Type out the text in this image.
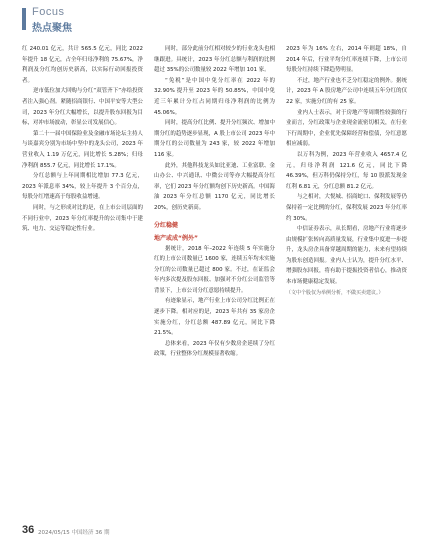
Focus
热点聚焦

红 240.01 亿元，共计 565.5 亿元，同比 2022 年提升 18 亿元，占全年归母净利的 75.67%，净利润及分红均创历史新高，以实际行动回报投资者。

逆市低位加大回购与分红“双管齐下”亦给投资者注入强心剂。紧随招商银行、中国平安等大型公司，2023 年分红大幅增长，以提升股东回报为目标，对冲市场波动，彰显公司发展信心。

第二十一届中国保险业及金融市场论坛主持人与谈嘉宾分别为市场中坚中的龙头公司，2023 年营业收入 1.19 万亿元，同比增长 5.28%；归母净利润 855.7 亿元，同比增长 17.1%。

分红总额与上年同期相比增加 77.3 亿元，2023 年派息率 34%，较上年提升 3 个百分点，每股分红增速高于每股收益增速。

同时，与之形成对比的是，在上市公司层面的不同行业中，2023 年分红率提升的公司集中于建筑、电力、交运等稳定性行业。

同时，部分此前分红相对较少的行业龙头也相继跟进。具统计，2023 年分红总额与利润的比例超过 35%的公司数量较 2022 年增加 101 家。

“免税”是中国中免分红率在 2022 年的 32.90% 提升至 2023 年的 50.85%，中国中免近三年累计分红占同期归母净利润的比例为 45.06%。

同时，提高分红比例、提升分红频次、增加中期分红的趋势逐步显现，A 股上市公司 2023 年中期分红的公司数量为 243 家，较 2022 年增加 116 家。

此外，其他科技龙头如比亚迪、工业富联、金山办公、中兴通讯、中微公司等亦大幅提高分红率，它们 2023 年分红额均创下历史新高。中国海油 2023 年分红总额 1170 亿元，同比增长 20%，创历史新高。

分红稳健
地产或成“例外”

据统计，2018 年–2022 年连续 5 年实施分红的上市公司数量已 1600 家，连续五年均未实施分红的公司数量已超过 800 家。不过，在证监会年内多次提及股东回报、加强对不分红公司监管等背景下，上市公司分红意愿持续提升。

有迹象显示，地产行业上市公司分红比例正在逐步下降。相对应的是，2023 年共有 35 家房企实施分红，分红总额 487.89 亿元，同比下降 21.5%。

总体来看，2023 年仅有少数房企延续了分红政策，行业整体分红规模显著收缩。

2023 年为 16% 左右，2014 年则超 18%，自 2014 年后，行业平均分红率连续下降，上市公司每股分红持续下降趋势明显。

不过，地产行业也不乏分红稳定的例外。据统计，2023 年 A 股房地产公司中连续五年分红的仅 22 家，实施分红的有 25 家。

业内人士表示，对于房地产等周期性较强的行业而言，分红政策与企业现金流密切相关，在行业下行周期中，企业优先保障经营和偿债，分红意愿相应减弱。

以万科为例，2023 年营业收入 4657.4 亿元，归母净利润 121.6 亿元，同比下降 46.39%，但万科仍保持分红，每 10 股派发现金红利 6.81 元，分红总额 81.2 亿元。

与之相对，大悦城、招商蛇口、保利发展等仍保持着一定比例的分红，保利发展 2023 年分红率约 30%。

中信证券表示，从长期看，房地产行业将逐步由规模扩张转向高质量发展，行业集中度进一步提升，龙头房企具备穿越周期的能力，未来有望持续为股东创造回报。业内人士认为，提升分红水平、增强股东回报，将有助于提振投资者信心，推动资本市场健康稳定发展。

（文中个股仅为举例分析，不做买卖建议。）

36 2024/05/15 中国经济 36 期
